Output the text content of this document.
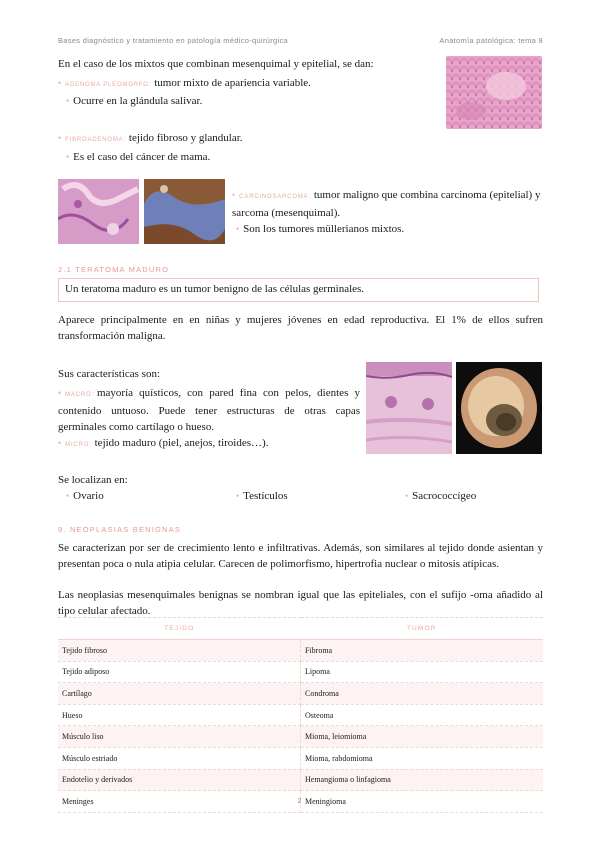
Bases diagnóstico y tratamiento en patología médico-quirúrgica	Anatomía patológica: tema 8
En el caso de los mixtos que combinan mesenquimal y epitelial, se dan:
• ADENOMA PLEOMORFO: tumor mixto de apariencia variable.
• Ocurre en la glándula salivar.
• FIBROADENOMA: tejido fibroso y glandular.
• Es el caso del cáncer de mama.
• CARCINOSARCOMA: tumor maligno que combina carcinoma (epitelial) y sarcoma (mesenquimal).
• Son los tumores müllerianos mixtos.
2.1 TERATOMA MADURO
Un teratoma maduro es un tumor benigno de las células germinales.
Aparece principalmente en en niñas y mujeres jóvenes en edad reproductiva. El 1% de ellos sufren transformación maligna.
Sus características son:
• MACRO: mayoría quísticos, con pared fina con pelos, dientes y contenido untuoso. Puede tener estructuras de otras capas germinales como cartílago o hueso.
• MICRO: tejido maduro (piel, anejos, tiroides…).
Se localizan en:
• Ovario	• Testículos	• Sacrococcígeo
9. NEOPLASIAS BENIGNAS
Se caracterizan por ser de crecimiento lento e infiltrativas. Además, son similares al tejido donde asientan y presentan poca o nula atipia celular. Carecen de polimorfismo, hipertrofia nuclear o mitosis atípicas.
Las neoplasias mesenquimales benignas se nombran igual que las epiteliales, con el sufijo -oma añadido al tipo celular afectado.
TEJIDO	TUMOR
Tejido fibroso	Fibroma
Tejido adiposo	Lipoma
Cartílago	Condroma
Hueso	Osteoma
Músculo liso	Mioma, leiomioma
Músculo estriado	Mioma, rabdomioma
Endotelio y derivados	Hemangioma o linfagioma
Meninges	Meningioma
2
